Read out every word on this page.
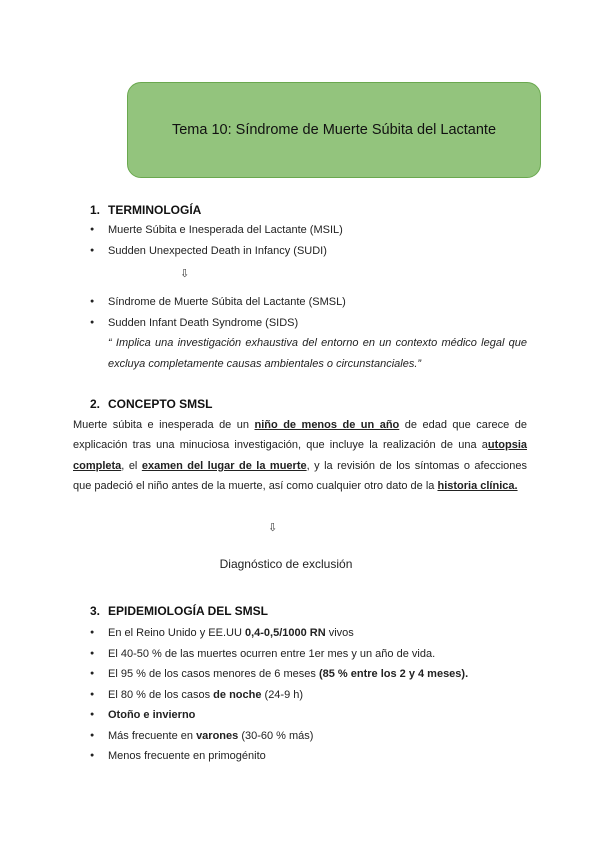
Tema 10: Síndrome de Muerte Súbita del Lactante
1. TERMINOLOGÍA
● Muerte Súbita e Inesperada del Lactante (MSIL)
● Sudden Unexpected Death in Infancy (SUDI)
⇩
● Síndrome de Muerte Súbita del Lactante (SMSL)
● Sudden Infant Death Syndrome (SIDS)
“ Implica una investigación exhaustiva del entorno en un contexto médico legal que excluya completamente causas ambientales o circunstanciales.”
2. CONCEPTO SMSL
Muerte súbita e inesperada de un niño de menos de un año de edad que carece de explicación tras una minuciosa investigación, que incluye la realización de una autopsia completa, el examen del lugar de la muerte, y la revisión de los síntomas o afecciones que padeció el niño antes de la muerte, así como cualquier otro dato de la historia clínica.
⇩
Diagnóstico de exclusión
3. EPIDEMIOLOGÍA DEL SMSL
● En el Reino Unido y EE.UU 0,4-0,5/1000 RN vivos
● El 40-50 % de las muertes ocurren entre 1er mes y un año de vida.
● El 95 % de los casos menores de 6 meses (85 % entre los 2 y 4 meses).
● El 80 % de los casos de noche (24-9 h)
● Otoño e invierno
● Más frecuente en varones (30-60 % más)
● Menos frecuente en primogénito
